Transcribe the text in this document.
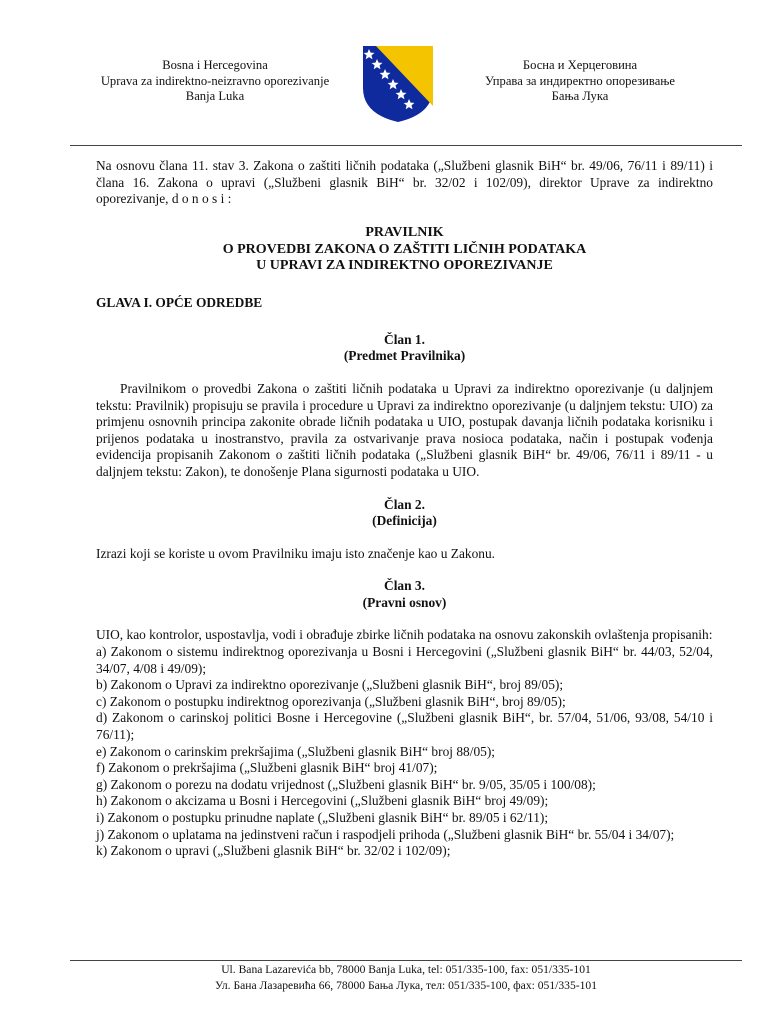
Bosna i Hercegovina
Uprava za indirektno-neizravno oporezivanje
Banja Luka
Босна и Херцеговина
Управа за индиректно опорезивање
Бања Лука

Na osnovu člana 11. stav 3. Zakona o zaštiti ličnih podataka („Službeni glasnik BiH“ br. 49/06, 76/11 i 89/11) i člana 16. Zakona o upravi („Službeni glasnik BiH“ br. 32/02 i 102/09), direktor Uprave za indirektno oporezivanje, d o n o s i :

PRAVILNIK
O PROVEDBI ZAKONA O ZAŠTITI LIČNIH PODATAKA
U UPRAVI ZA INDIREKTNO OPOREZIVANJE

GLAVA I. OPĆE ODREDBE

Član 1.

(Predmet Pravilnika)

Pravilnikom o provedbi Zakona o zaštiti ličnih podataka u Upravi za indirektno oporezivanje (u daljnjem tekstu: Pravilnik) propisuju se pravila i procedure u Upravi za indirektno oporezivanje (u daljnjem tekstu: UIO) za primjenu osnovnih principa zakonite obrade ličnih podataka u UIO, postupak davanja ličnih podataka korisniku i prijenos podataka u inostranstvo, pravila za ostvarivanje prava nosioca podataka, način i postupak vođenja evidencija propisanih Zakonom o zaštiti ličnih podataka („Službeni glasnik BiH“ br. 49/06, 76/11 i 89/11 - u daljnjem tekstu: Zakon), te donošenje Plana sigurnosti podataka u UIO.

Član 2.

(Definicija)

Izrazi koji se koriste u ovom Pravilniku imaju isto značenje kao u Zakonu.

Član 3.

(Pravni osnov)

UIO, kao kontrolor, uspostavlja, vodi i obrađuje zbirke ličnih podataka na osnovu zakonskih ovlaštenja propisanih:

a) Zakonom o sistemu indirektnog oporezivanja u Bosni i Hercegovini („Službeni glasnik BiH“ br. 44/03, 52/04, 34/07, 4/08 i 49/09);

b) Zakonom o Upravi za indirektno oporezivanje („Službeni glasnik BiH“, broj 89/05);

c) Zakonom o postupku indirektnog oporezivanja („Službeni glasnik BiH“, broj 89/05);

d) Zakonom o carinskoj politici Bosne i Hercegovine („Službeni glasnik BiH“, br. 57/04, 51/06, 93/08, 54/10 i 76/11);

e) Zakonom o carinskim prekršajima („Službeni glasnik BiH“ broj 88/05);

f) Zakonom o prekršajima („Službeni glasnik BiH“ broj 41/07);

g) Zakonom o porezu na dodatu vrijednost („Službeni glasnik BiH“ br. 9/05, 35/05 i 100/08);

h) Zakonom o akcizama u Bosni i Hercegovini („Službeni glasnik BiH“ broj 49/09);

i) Zakonom o postupku prinudne naplate („Službeni glasnik BiH“ br. 89/05 i 62/11);

j) Zakonom o uplatama na jedinstveni račun i raspodjeli prihoda („Službeni glasnik BiH“ br. 55/04 i 34/07);

k) Zakonom o upravi („Službeni glasnik BiH“ br. 32/02 i 102/09);

Ul. Bana Lazarevića bb, 78000 Banja Luka, tel: 051/335-100, fax: 051/335-101
Ул. Бана Лазаревића 66, 78000 Бања Лука, тел: 051/335-100, фах: 051/335-101
